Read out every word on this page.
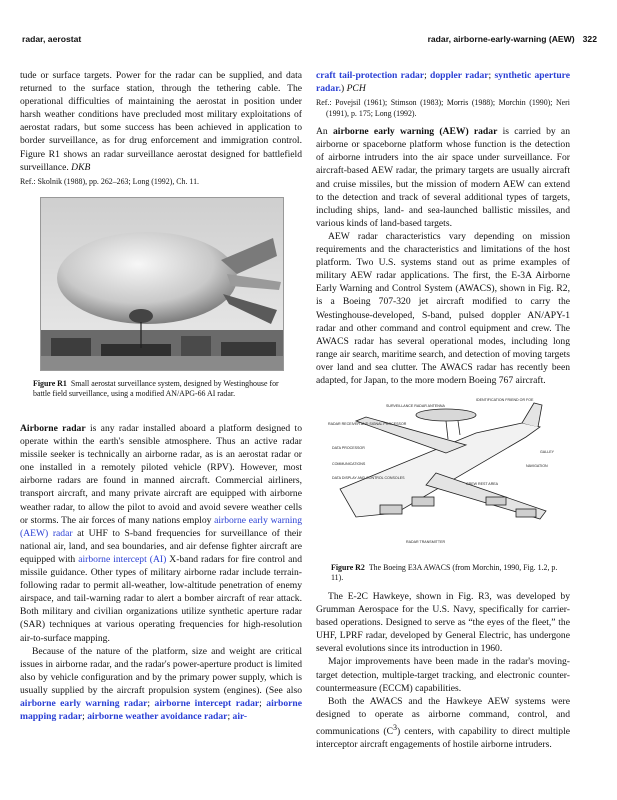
radar, aerostat	radar, airborne-early-warning (AEW) 322

tude or surface targets. Power for the radar can be supplied, and data returned to the surface station, through the tethering cable. The operational difficulties of maintaining the aerostat in position under harsh weather conditions have precluded most military exploitations of aerostat radars, but some success has been achieved in application to border surveillance, as for drug enforcement and immigration control. Figure R1 shows an radar surveillance aerostat designed for battlefield surveillance. DKB

Ref.: Skolnik (1988), pp. 262–263; Long (1992), Ch. 11.

Figure R1 Small aerostat surveillance system, designed by Westinghouse for battle field surveillance, using a modified AN/APG-66 AI radar.

Airborne radar is any radar installed aboard a platform designed to operate within the earth's sensible atmosphere. Thus an active radar missile seeker is technically an airborne radar, as is an aerostat radar or one installed in a remotely piloted vehicle (RPV). However, most airborne radars are found in manned aircraft. Commercial airliners, transport aircraft, and many private aircraft are equipped with airborne weather radar, to allow the pilot to avoid and avoid severe weather cells or storms. The air forces of many nations employ airborne early warning (AEW) radar at UHF to S-band frequencies for surveillance of their national air, land, and sea boundaries, and air defense fighter aircraft are equipped with airborne intercept (AI) X-band radars for fire control and missile guidance. Other types of military airborne radar include terrain-following radar to permit all-weather, low-altitude penetration of enemy airspace, and tail-warning radar to alert a bomber aircraft of rear attack. Both military and civilian organizations utilize synthetic aperture radar (SAR) techniques at various operating frequencies for high-resolution air-to-surface mapping.

Because of the nature of the platform, size and weight are critical issues in airborne radar, and the radar's power-aperture product is limited also by vehicle configuration and by the primary power supply, which is usually supplied by the aircraft propulsion system (engines). (See also airborne early warning radar; airborne intercept radar; airborne mapping radar; airborne weather avoidance radar; air-

craft tail-protection radar; doppler radar; synthetic aperture radar.) PCH

Ref.: Povejsil (1961); Stimson (1983); Morris (1988); Morchin (1990); Neri (1991), p. 175; Long (1992).

An airborne early warning (AEW) radar is carried by an airborne or spaceborne platform whose function is the detection of airborne intruders into the air space under surveillance. For aircraft-based AEW radar, the primary targets are usually aircraft and cruise missiles, but the mission of modern AEW can extend to the detection and track of several additional types of targets, including ships, land- and sea-launched ballistic missiles, and various kinds of land-based targets.

AEW radar characteristics vary depending on mission requirements and the characteristics and limitations of the host platform. Two U.S. systems stand out as prime examples of military AEW radar applications. The first, the E-3A Airborne Early Warning and Control System (AWACS), shown in Fig. R2, is a Boeing 707-320 jet aircraft modified to carry the Westinghouse-developed, S-band, pulsed doppler AN/APY-1 radar and other command and control equipment and crew. The AWACS radar has several operational modes, including long range air search, maritime search, and detection of moving targets over land and sea clutter. The AWACS radar has recently been adapted, for Japan, to the more modern Boeing 767 aircraft.

SURVEILLANCE RADAR ANTENNA
IDENTIFICATION FRIEND OR FOE
RADAR RECEIVER AND SIGNAL PROCESSOR
DATA PROCESSOR
COMMUNICATIONS
DATA DISPLAY AND CONTROL CONSOLES
NAVIGATION
CREW REST AREA
GALLEY
RADAR TRANSMITTER
Figure R2 The Boeing E3A AWACS (from Morchin, 1990, Fig. 1.2, p. 11).

The E-2C Hawkeye, shown in Fig. R3, was developed by Grumman Aerospace for the U.S. Navy, specifically for carrier-based operations. Designed to serve as “the eyes of the fleet,” the UHF, LPRF radar, developed by General Electric, has undergone several evolutions since its introduction in 1960.

Major improvements have been made in the radar's moving-target detection, multiple-target tracking, and electronic counter-countermeasure (ECCM) capabilities.

Both the AWACS and the Hawkeye AEW systems were designed to operate as airborne command, control, and communications $(C^3)$ centers, with capability to direct multiple interceptor aircraft engagements of hostile airborne intruders.
